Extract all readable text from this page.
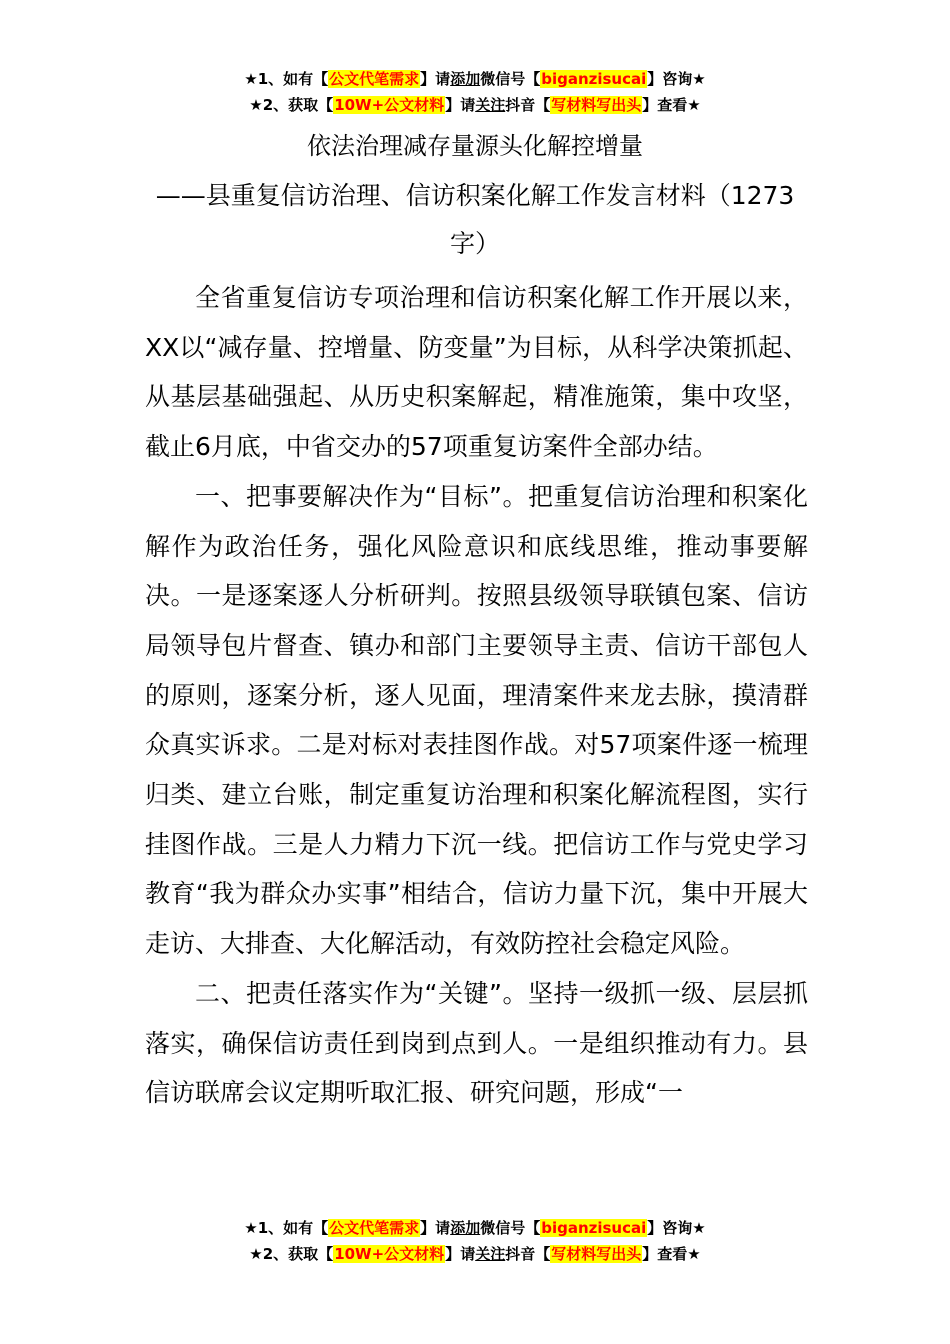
★1、如有【公文代笔需求】请添加微信号【biganzisucai】咨询★
★2、获取【10W+公文材料】请关注抖音【写材料写出头】查看★
依法治理减存量源头化解控增量
——县重复信访治理、信访积案化解工作发言材料（1273字）

全省重复信访专项治理和信访积案化解工作开展以来，XX以“减存量、控增量、防变量”为目标，从科学决策抓起、从基层基础强起、从历史积案解起，精准施策，集中攻坚，截止6月底，中省交办的57项重复访案件全部办结。

一、把事要解决作为“目标”。把重复信访治理和积案化解作为政治任务，强化风险意识和底线思维，推动事要解决。一是逐案逐人分析研判。按照县级领导联镇包案、信访局领导包片督查、镇办和部门主要领导主责、信访干部包人的原则，逐案分析，逐人见面，理清案件来龙去脉，摸清群众真实诉求。二是对标对表挂图作战。对57项案件逐一梳理归类、建立台账，制定重复访治理和积案化解流程图，实行挂图作战。三是人力精力下沉一线。把信访工作与党史学习教育“我为群众办实事”相结合，信访力量下沉，集中开展大走访、大排查、大化解活动，有效防控社会稳定风险。

二、把责任落实作为“关键”。坚持一级抓一级、层层抓落实，确保信访责任到岗到点到人。一是组织推动有力。县信访联席会议定期听取汇报、研究问题，形成“一

★1、如有【公文代笔需求】请添加微信号【biganzisucai】咨询★
★2、获取【10W+公文材料】请关注抖音【写材料写出头】查看★
